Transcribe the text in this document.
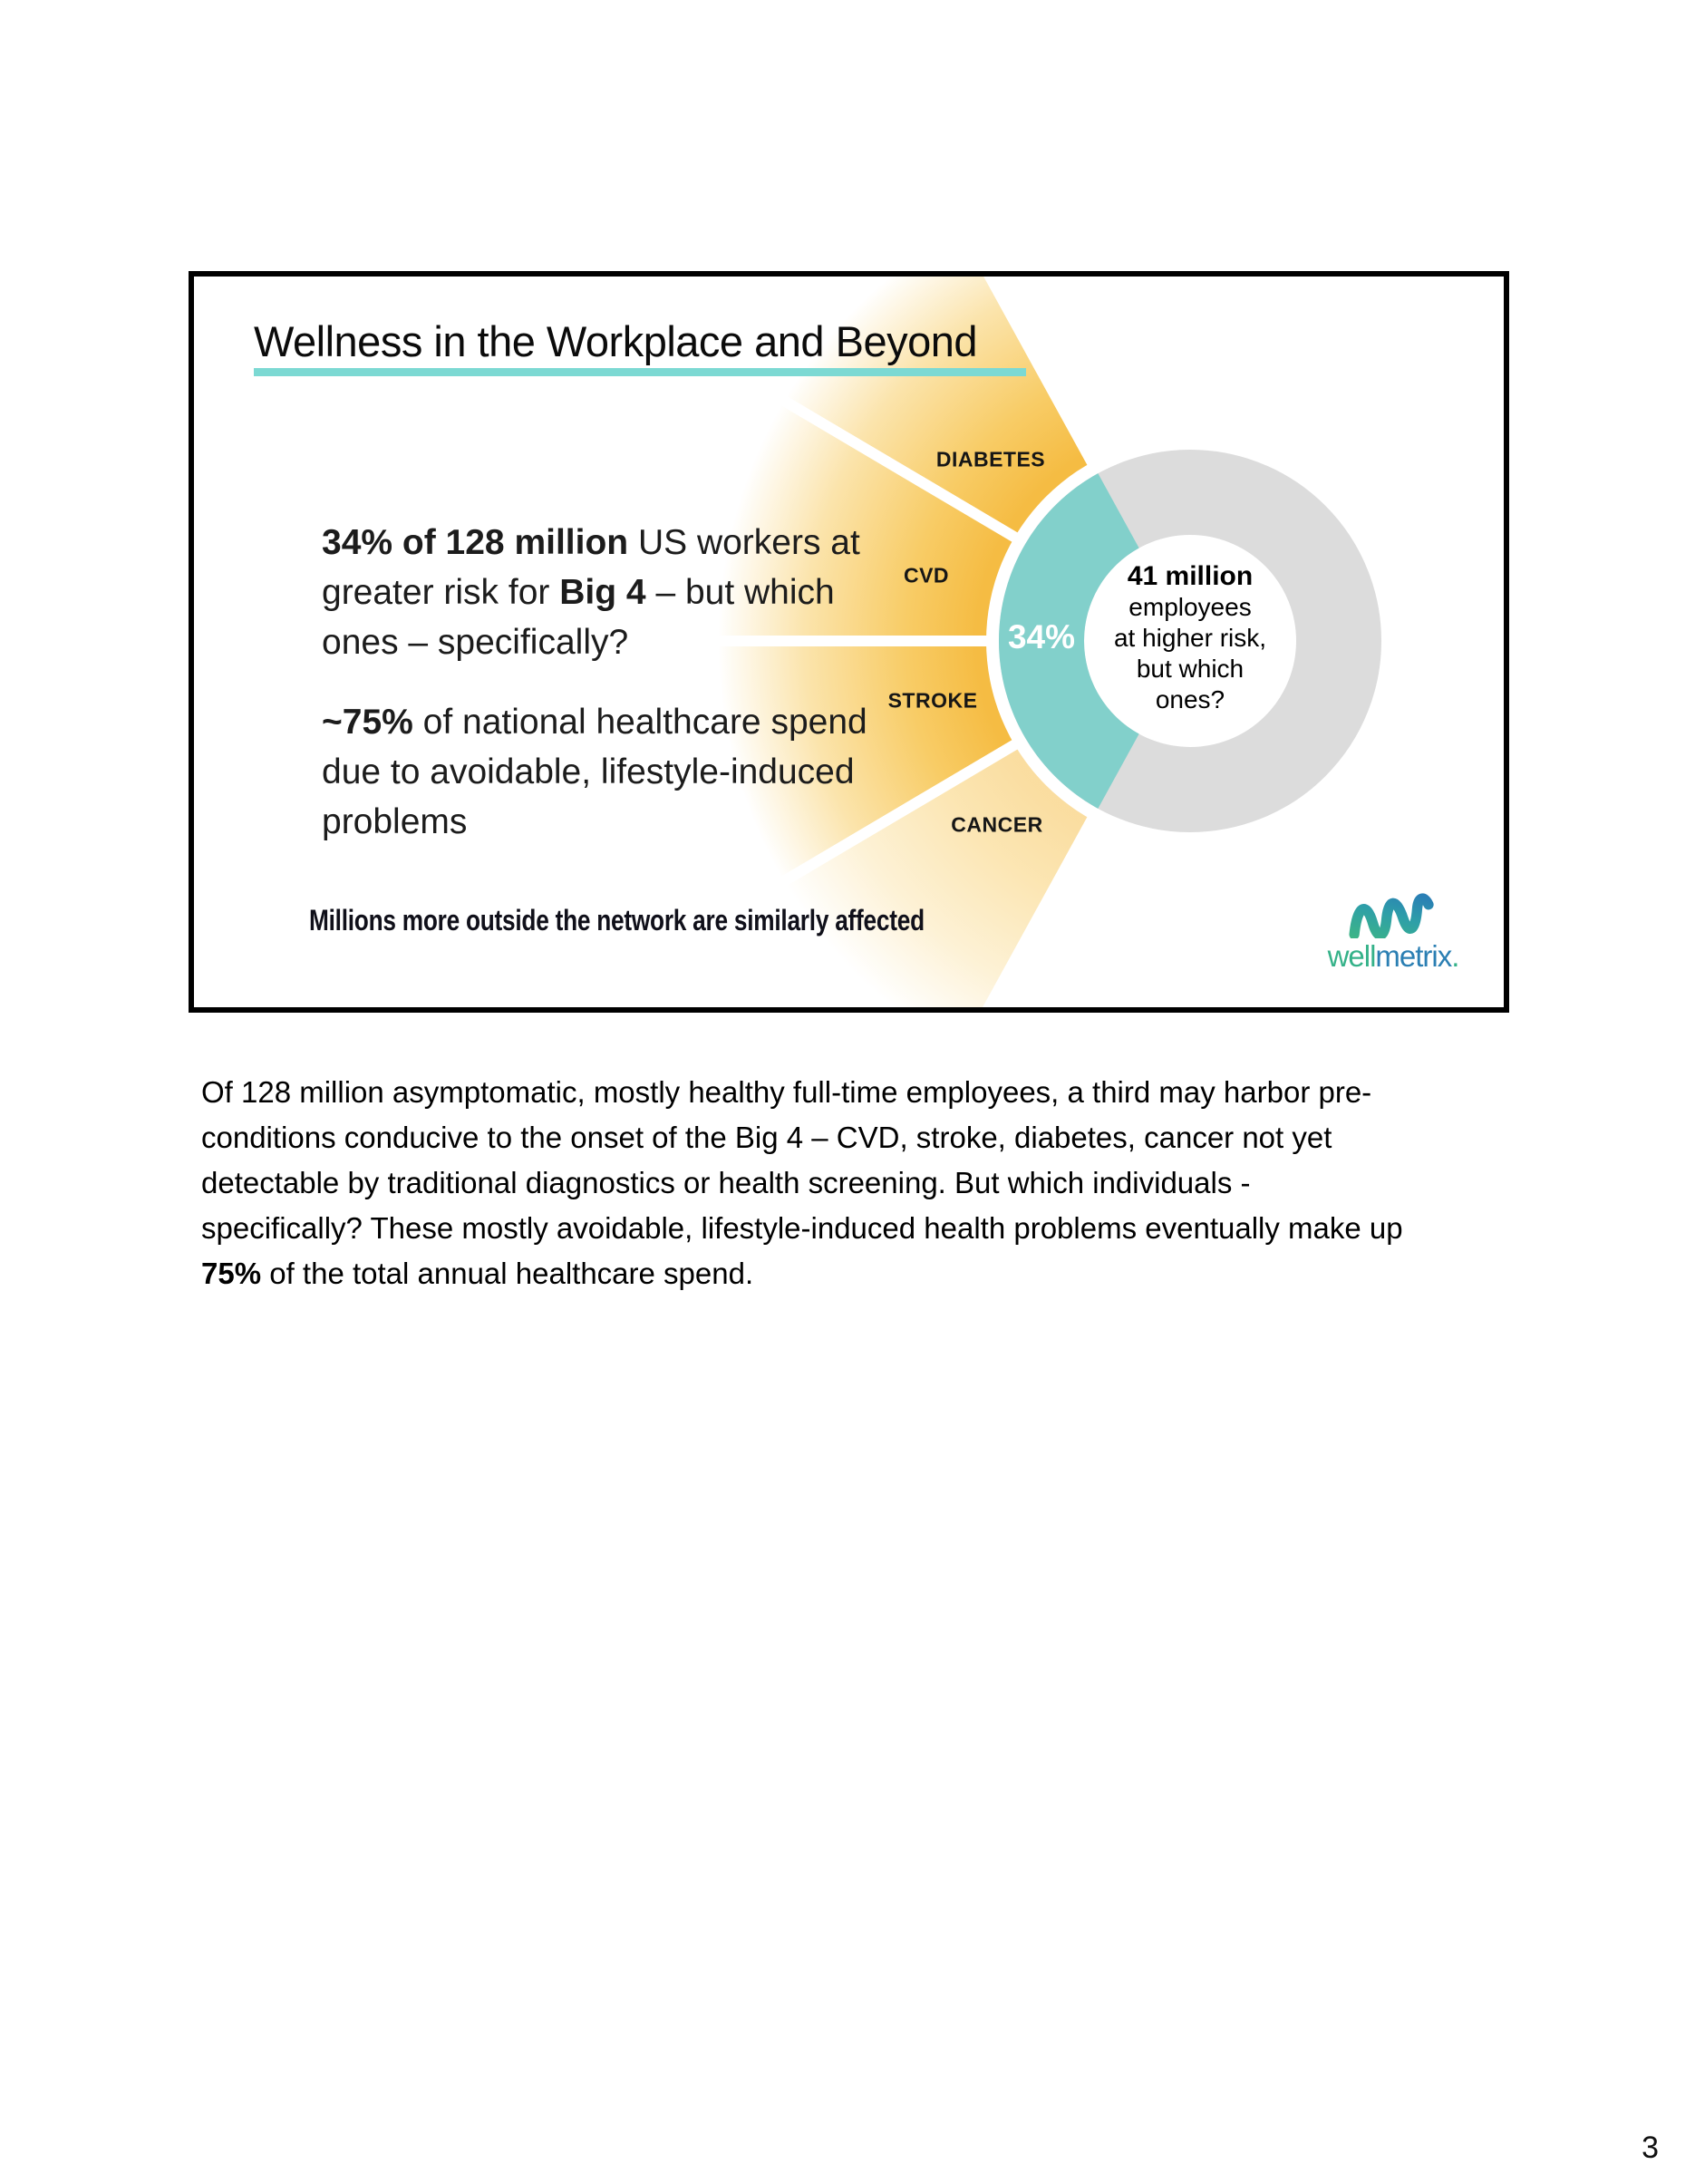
Wellness in the Workplace and Beyond
34% of 128 million US workers at
greater risk for Big 4 – but which
ones – specifically?
~75% of national healthcare spend
due to avoidable, lifestyle-induced
problems
DIABETES
CVD
STROKE
CANCER
34%
41 million
employees
at higher risk,
but which
ones?
Millions more outside the network are similarly affected
wellmetrix.
Of 128 million asymptomatic, mostly healthy full-time employees, a third may harbor pre-
conditions conducive to the onset of the Big 4 – CVD, stroke, diabetes, cancer not yet
detectable by traditional diagnostics or health screening. But which individuals -
specifically? These mostly avoidable, lifestyle-induced health problems eventually make up
75% of the total annual healthcare spend.
3
